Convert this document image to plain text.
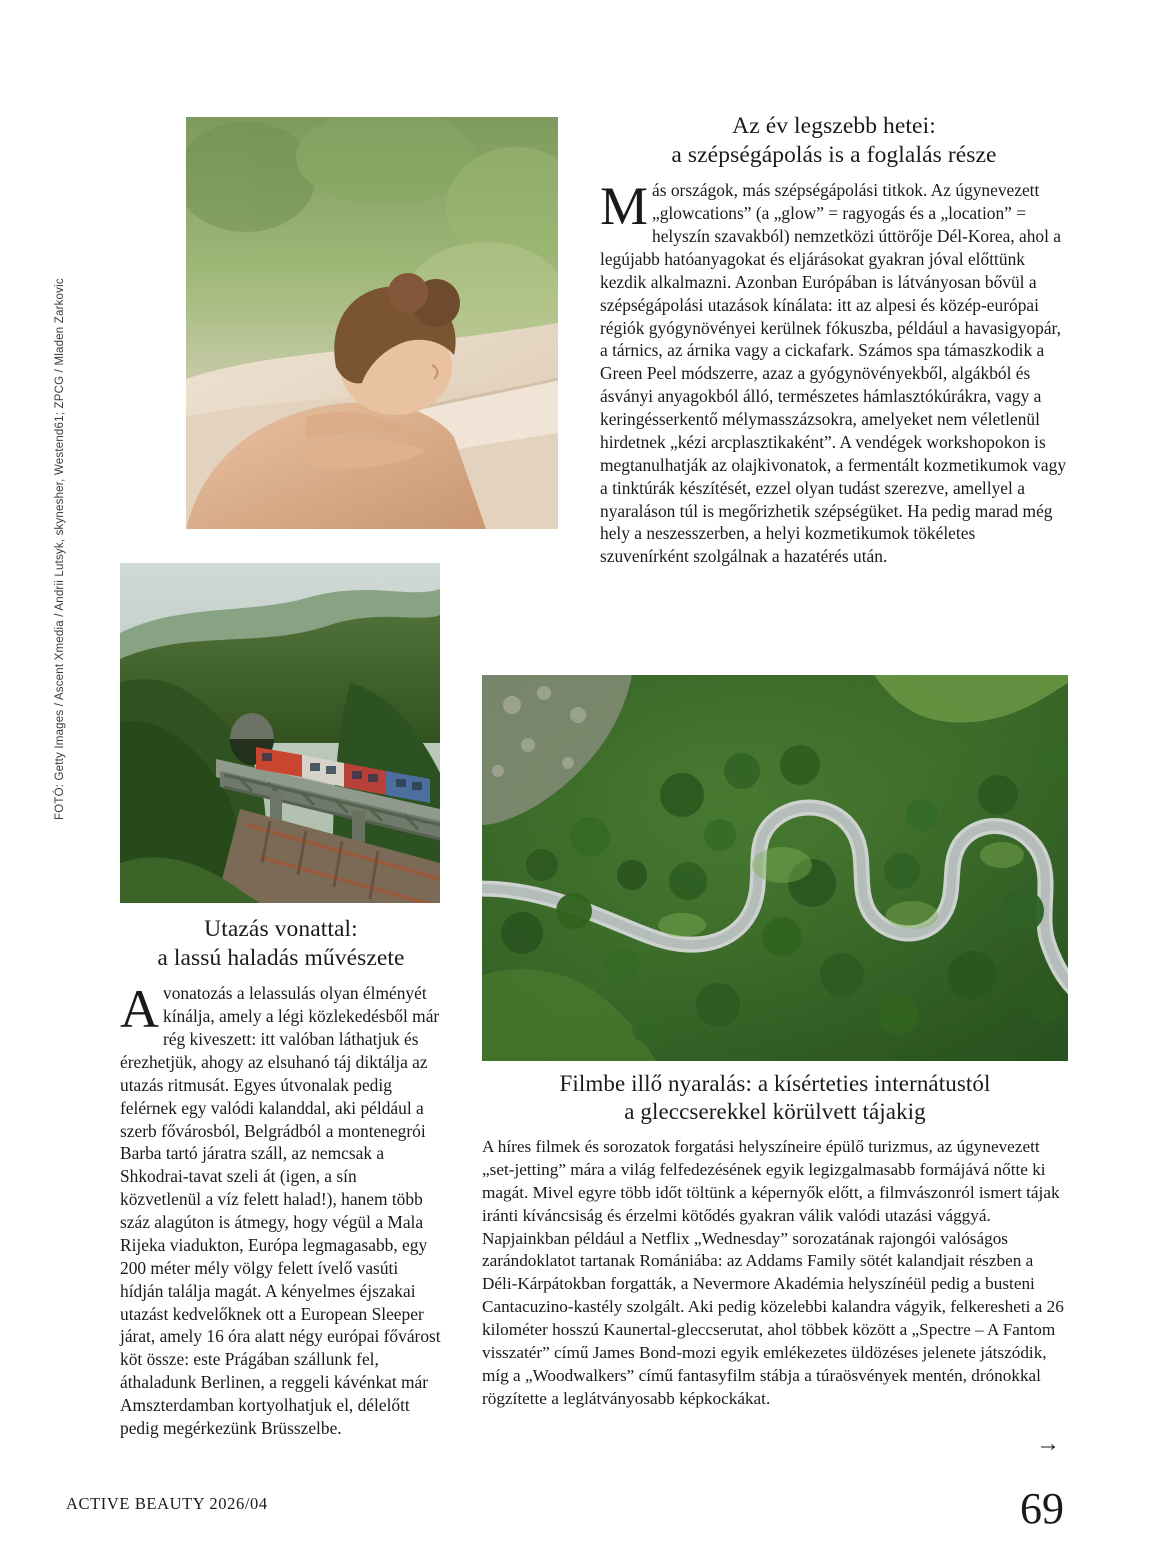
Az év legszebb hetei:
a szépségápolás is a foglalás része
M ás országok, más szépségápolási titkok. Az úgynevezett „glowcations” (a „glow” = ragyogás és a „location” = helyszín szavakból) nemzetközi úttörője Dél-Korea, ahol a legújabb hatóanyagokat és eljárásokat gyakran jóval előttünk kezdik alkalmazni. Azonban Európában is látványosan bővül a szépségápolási utazások kínálata: itt az alpesi és közép-európai régiók gyógynövényei kerülnek fókuszba, például a havasigyopár, a tárnics, az árnika vagy a cickafark. Számos spa támaszkodik a Green Peel módszerre, azaz a gyógynövényekből, algákból és ásványi anyagokból álló, természetes hámlasztókúrákra, vagy a keringésserkentő mélymasszázsokra, amelyeket nem véletlenül hirdetnek „kézi arcplasztikaként”. A vendégek workshopokon is megtanulhatják az olajkivonatok, a fermentált kozmetikumok vagy a tinktúrák készítését, ezzel olyan tudást szerezve, amellyel a nyaraláson túl is megőrizhetik szépségüket. Ha pedig marad még hely a neszesszerben, a helyi kozmetikumok tökéletes szuvenírként szolgálnak a hazatérés után.
Utazás vonattal:
a lassú haladás művészete
A vonatozás a lelassulás olyan élményét kínálja, amely a légi közlekedésből már rég kiveszett: itt valóban láthatjuk és érezhetjük, ahogy az elsuhanó táj diktálja az utazás ritmusát. Egyes útvonalak pedig felérnek egy valódi kalanddal, aki például a szerb fővárosból, Belgrádból a montenegrói Barba tartó járatra száll, az nemcsak a Shkodrai-tavat szeli át (igen, a sín közvetlenül a víz felett halad!), hanem több száz alagúton is átmegy, hogy végül a Mala Rijeka viadukton, Európa legmagasabb, egy 200 méter mély völgy felett ívelő vasúti hídján találja magát. A kényelmes éjszakai utazást kedvelőknek ott a European Sleeper járat, amely 16 óra alatt négy európai fővárost köt össze: este Prágában szállunk fel, áthaladunk Berlinen, a reggeli kávénkat már Amszterdamban kortyolhatjuk el, délelőtt pedig megérkezünk Brüsszelbe.
Filmbe illő nyaralás: a kísérteties internátustól
a gleccserekkel körülvett tájakig

A híres filmek és sorozatok forgatási helyszíneire épülő turizmus, az úgynevezett „set-jetting” mára a világ felfedezésének egyik legizgalmasabb formájává nőtte ki magát. Mivel egyre több időt töltünk a képernyők előtt, a filmvászonról ismert tájak iránti kíváncsiság és érzelmi kötődés gyakran válik valódi utazási vággyá. Napjainkban például a Netflix „Wednesday” sorozatának rajongói valóságos zarándoklatot tartanak Romániába: az Addams Family sötét kalandjait részben a Déli-Kárpátokban forgatták, a Nevermore Akadémia helyszínéül pedig a busteni Cantacuzino-kastély szolgált. Aki pedig közelebbi kalandra vágyik, felkeresheti a 26 kilométer hosszú Kaunertal-gleccserutat, ahol többek között a „Spectre – A Fantom visszatér” című James Bond-mozi egyik emlékezetes üldözéses jelenete játszódik, míg a „Woodwalkers” című fantasyfilm stábja a túraösvények mentén, drónokkal rögzítette a leglátványosabb képkockákat.

FOTÓ: Getty Images / Ascent Xmedia / Andrii Lutsyk, skynesher, Westend61; ZPCG / Mladen Zarkovic
ACTIVE BEAUTY 2026/04
→
69
